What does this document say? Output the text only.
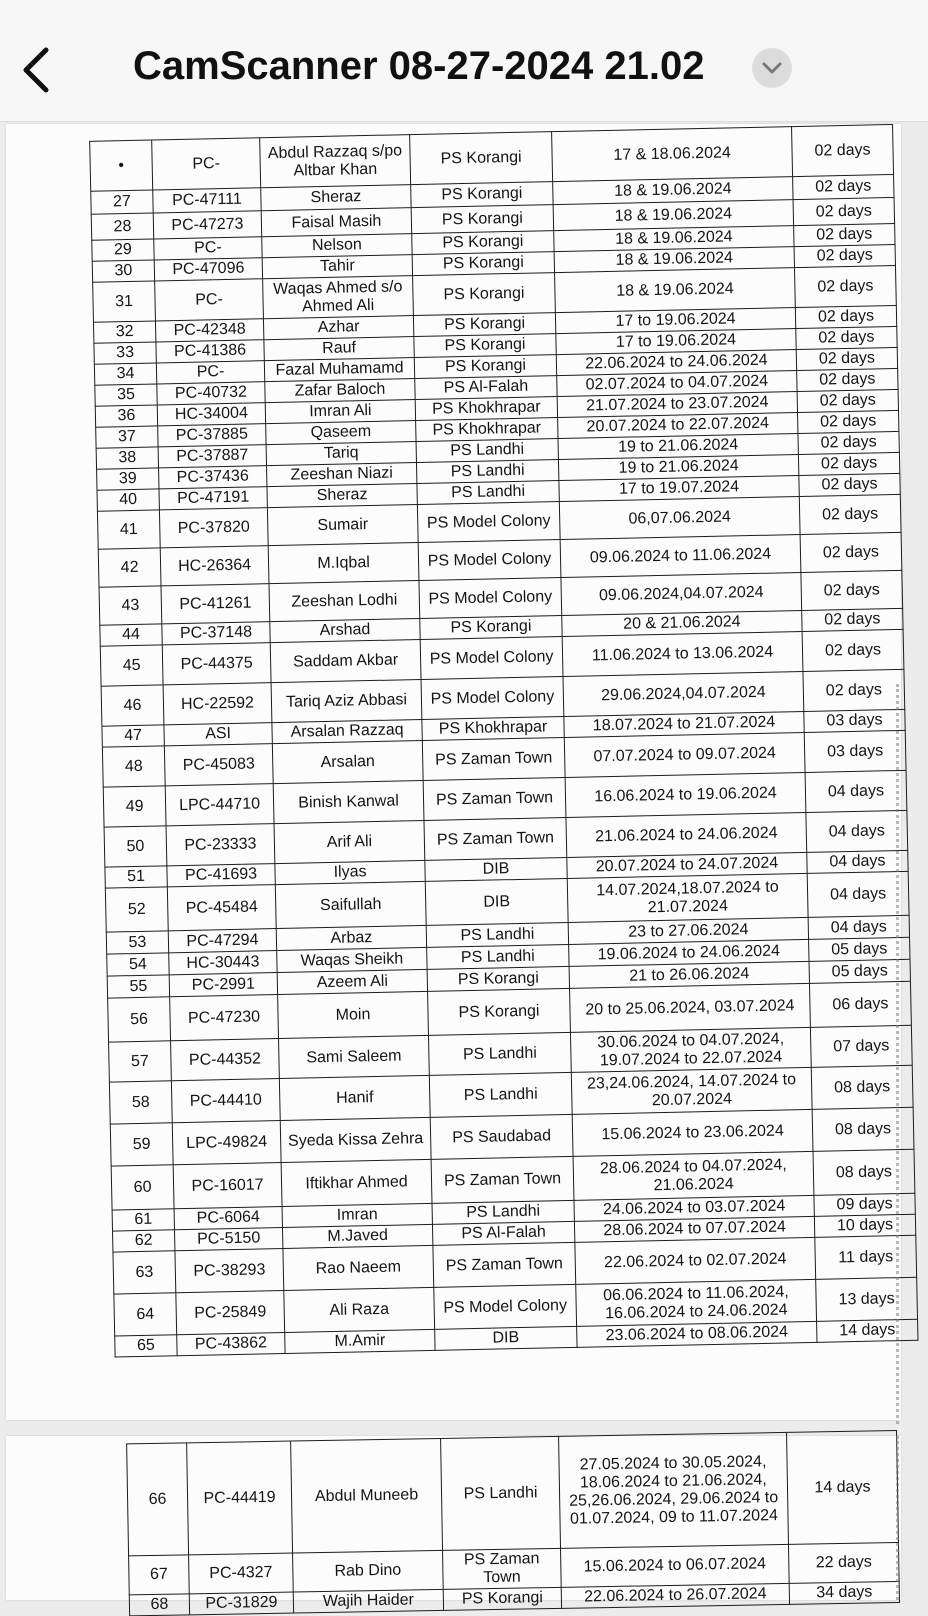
CamScanner 08-27-2024 21.02
•	PC-	Abdul Razzaq s/po Altbar Khan	PS Korangi	17 & 18.06.2024	02 days
27	PC-47111	Sheraz	PS Korangi	18 & 19.06.2024	02 days
28	PC-47273	Faisal Masih	PS Korangi	18 & 19.06.2024	02 days
29	PC-	Nelson	PS Korangi	18 & 19.06.2024	02 days
30	PC-47096	Tahir	PS Korangi	18 & 19.06.2024	02 days
31	PC-	Waqas Ahmed s/o Ahmed Ali	PS Korangi	18 & 19.06.2024	02 days
32	PC-42348	Azhar	PS Korangi	17 to 19.06.2024	02 days
33	PC-41386	Rauf	PS Korangi	17 to 19.06.2024	02 days
34	PC-	Fazal Muhamamd	PS Korangi	22.06.2024 to 24.06.2024	02 days
35	PC-40732	Zafar Baloch	PS Al-Falah	02.07.2024 to 04.07.2024	02 days
36	HC-34004	Imran Ali	PS Khokhrapar	21.07.2024 to 23.07.2024	02 days
37	PC-37885	Qaseem	PS Khokhrapar	20.07.2024 to 22.07.2024	02 days
38	PC-37887	Tariq	PS Landhi	19 to 21.06.2024	02 days
39	PC-37436	Zeeshan Niazi	PS Landhi	19 to 21.06.2024	02 days
40	PC-47191	Sheraz	PS Landhi	17 to 19.07.2024	02 days
41	PC-37820	Sumair	PS Model Colony	06,07.06.2024	02 days
42	HC-26364	M.Iqbal	PS Model Colony	09.06.2024 to 11.06.2024	02 days
43	PC-41261	Zeeshan Lodhi	PS Model Colony	09.06.2024,04.07.2024	02 days
44	PC-37148	Arshad	PS Korangi	20 & 21.06.2024	02 days
45	PC-44375	Saddam Akbar	PS Model Colony	11.06.2024 to 13.06.2024	02 days
46	HC-22592	Tariq Aziz Abbasi	PS Model Colony	29.06.2024,04.07.2024	02 days
47	ASI	Arsalan Razzaq	PS Khokhrapar	18.07.2024 to 21.07.2024	03 days
48	PC-45083	Arsalan	PS Zaman Town	07.07.2024 to 09.07.2024	03 days
49	LPC-44710	Binish Kanwal	PS Zaman Town	16.06.2024 to 19.06.2024	04 days
50	PC-23333	Arif Ali	PS Zaman Town	21.06.2024 to 24.06.2024	04 days
51	PC-41693	Ilyas	DIB	20.07.2024 to 24.07.2024	04 days
52	PC-45484	Saifullah	DIB	14.07.2024,18.07.2024 to 21.07.2024	04 days
53	PC-47294	Arbaz	PS Landhi	23 to 27.06.2024	04 days
54	HC-30443	Waqas Sheikh	PS Landhi	19.06.2024 to 24.06.2024	05 days
55	PC-2991	Azeem Ali	PS Korangi	21 to 26.06.2024	05 days
56	PC-47230	Moin	PS Korangi	20 to 25.06.2024, 03.07.2024	06 days
57	PC-44352	Sami Saleem	PS Landhi	30.06.2024 to 04.07.2024, 19.07.2024 to 22.07.2024	07 days
58	PC-44410	Hanif	PS Landhi	23,24.06.2024, 14.07.2024 to 20.07.2024	08 days
59	LPC-49824	Syeda Kissa Zehra	PS Saudabad	15.06.2024 to 23.06.2024	08 days
60	PC-16017	Iftikhar Ahmed	PS Zaman Town	28.06.2024 to 04.07.2024, 21.06.2024	08 days
61	PC-6064	Imran	PS Landhi	24.06.2024 to 03.07.2024	09 days
62	PC-5150	M.Javed	PS Al-Falah	28.06.2024 to 07.07.2024	10 days
63	PC-38293	Rao Naeem	PS Zaman Town	22.06.2024 to 02.07.2024	11 days
64	PC-25849	Ali Raza	PS Model Colony	06.06.2024 to 11.06.2024, 16.06.2024 to 24.06.2024	13 days
65	PC-43862	M.Amir	DIB	23.06.2024 to 08.06.2024	14 days
66	PC-44419	Abdul Muneeb	PS Landhi	27.05.2024 to 30.05.2024, 18.06.2024 to 21.06.2024, 25,26.06.2024, 29.06.2024 to 01.07.2024, 09 to 11.07.2024	14 days
67	PC-4327	Rab Dino	PS Zaman Town	15.06.2024 to 06.07.2024	22 days
68	PC-31829	Wajih Haider	PS Korangi	22.06.2024 to 26.07.2024	34 days
